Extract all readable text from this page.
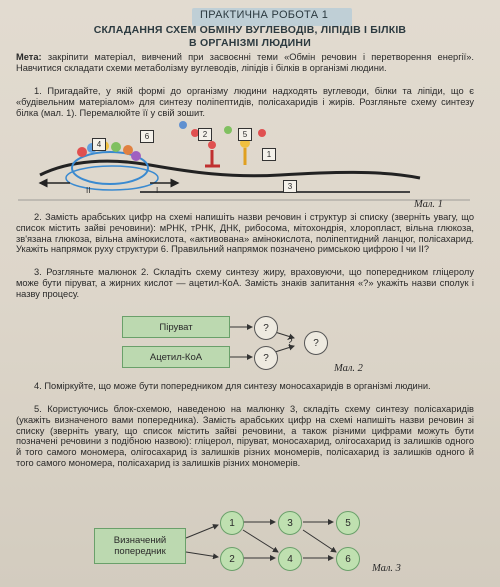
ПРАКТИЧНА РОБОТА 1
СКЛАДАННЯ СХЕМ ОБМІНУ ВУГЛЕВОДІВ, ЛІПІДІВ І БІЛКІВ
В ОРГАНІЗМІ ЛЮДИНИ
Мета: закріпити матеріал, вивчений при засвоєнні теми «Обмін речовин і перетворення енергії». Навчитися складати схеми метаболізму вуглеводів, ліпідів і білків в організмі людини.
1. Пригадайте, у якій формі до організму людини надходять вуглеводи, білки та ліпіди, що є «будівельним матеріалом» для синтезу поліпептидів, полісахаридів і жирів. Розгляньте схему синтезу білка (мал. 1). Перемалюйте її у свій зошит.
4
6	2	5
1
3
ІІ	І
Мал. 1
2. Замість арабських цифр на схемі напишіть назви речовин і структур зі списку (зверніть увагу, що список містить зайві речовини): мРНК, тРНК, ДНК, рибосома, мітохондрія, хлоропласт, вільна глюкоза, зв'язана глюкоза, вільна амінокислота, «активована» амінокислота, поліпептидний ланцюг, полісахарид. Укажіть напрямок руху структури 6. Правильний напрямок позначено римською цифрою І чи ІІ?
3. Розгляньте малюнок 2. Складіть схему синтезу жиру, враховуючи, що попередником гліцеролу може бути піруват, а жирних кислот — ацетил-КоА. Замість знаків запитання «?» укажіть назви сполук і назву процесу.
Піруват
Ацетил-КоА
?
?
?	?
Мал. 2
4. Поміркуйте, що може бути попередником для синтезу моносахаридів в організмі людини.
5. Користуючись блок-схемою, наведеною на малюнку 3, складіть схему синтезу полісахаридів (укажіть визначеного вами попередника). Замість арабських цифр на схемі напишіть назви речовин зі списку (зверніть увагу, що список містить зайві речовини, а також різними цифрами можуть бути позначені речовини з подібною назвою): гліцерол, піруват, моносахарид, олігосахарид із залишків одного й того самого мономера, олігосахарид із залишків різних мономерів, полісахарид із залишків одного й того самого мономера, полісахарид із залишків різних мономерів.
Визначений попередник
1
2
3
4
5
6
Мал. 3
